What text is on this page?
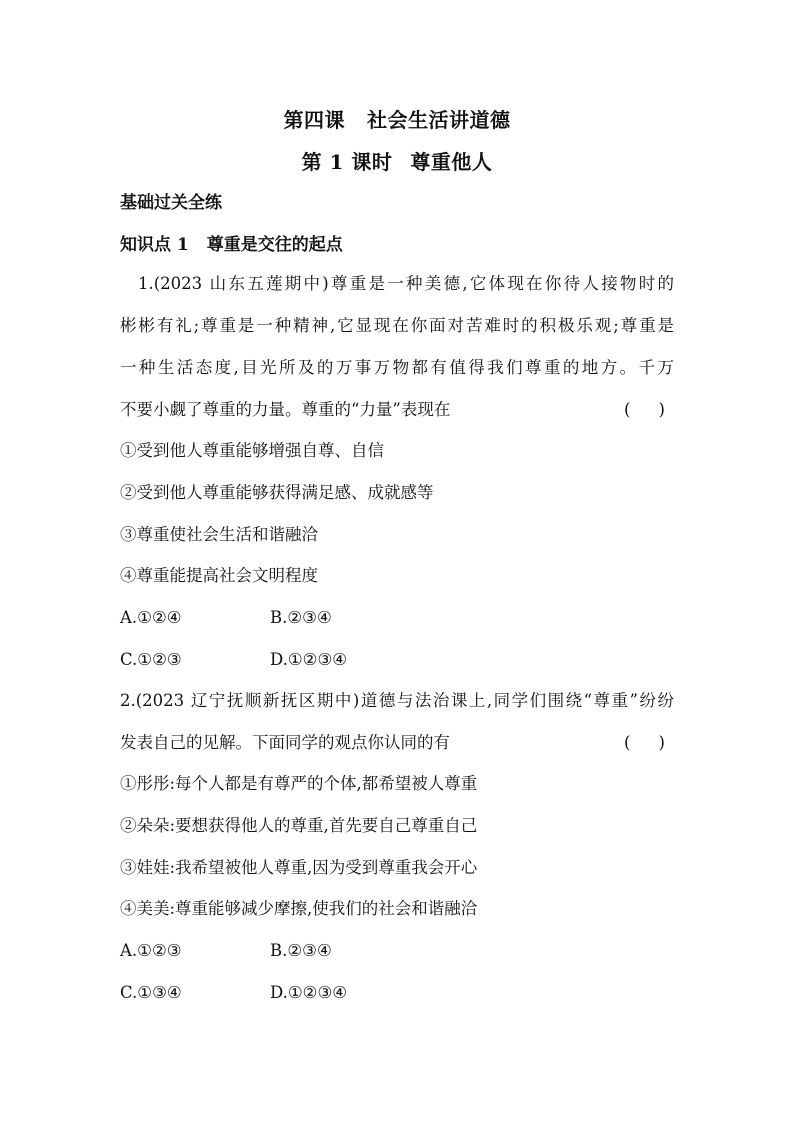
第四课 社会生活讲道德
第 1 课时 尊重他人
基础过关全练
知识点 1 尊重是交往的起点
1.(2023 山东五莲期中)尊重是一种美德,它体现在你待人接物时的
彬彬有礼;尊重是一种精神,它显现在你面对苦难时的积极乐观;尊重是
一种生活态度,目光所及的万事万物都有值得我们尊重的地方。千万
不要小觑了尊重的力量。尊重的“力量”表现在	( )
①受到他人尊重能够增强自尊、自信
②受到他人尊重能够获得满足感、成就感等
③尊重使社会生活和谐融洽
④尊重能提高社会文明程度
A.①②④	B.②③④
C.①②③	D.①②③④
2.(2023 辽宁抚顺新抚区期中)道德与法治课上,同学们围绕“尊重”纷纷
发表自己的见解。下面同学的观点你认同的有	( )
①彤彤:每个人都是有尊严的个体,都希望被人尊重
②朵朵:要想获得他人的尊重,首先要自己尊重自己
③娃娃:我希望被他人尊重,因为受到尊重我会开心
④美美:尊重能够减少摩擦,使我们的社会和谐融洽
A.①②③	B.②③④
C.①③④	D.①②③④
